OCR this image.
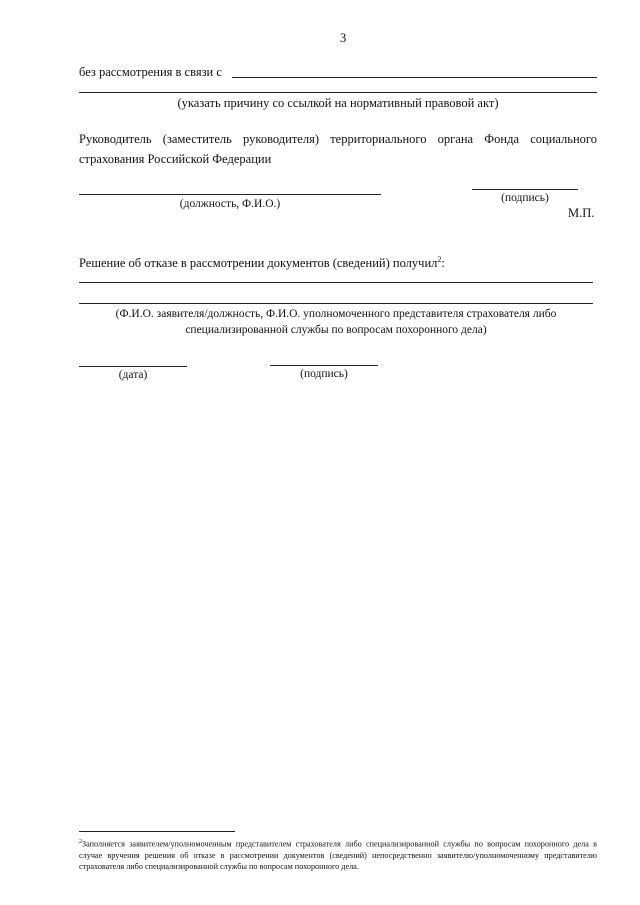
3
без рассмотрения в связи с
(указать причину со ссылкой на нормативный правовой акт)
Руководитель (заместитель руководителя) территориального органа Фонда социального
страхования Российской Федерации
(должность, Ф.И.О.)	(подпись)
М.П.
Решение об отказе в рассмотрении документов (сведений) получил$^2$:
(Ф.И.О. заявителя/должность, Ф.И.О. уполномоченного представителя страхователя либо
специализированной службы по вопросам похоронного дела)
(дата)	(подпись)
$^2$Заполняется заявителем/уполномоченным представителем страхователя либо специализированной службы по вопросам похоронного дела в случае вручения решения об отказе в рассмотрении документов (сведений) непосредственно заявителю/уполномоченному представителю страхователя либо специализированной службы по вопросам похоронного дела.
